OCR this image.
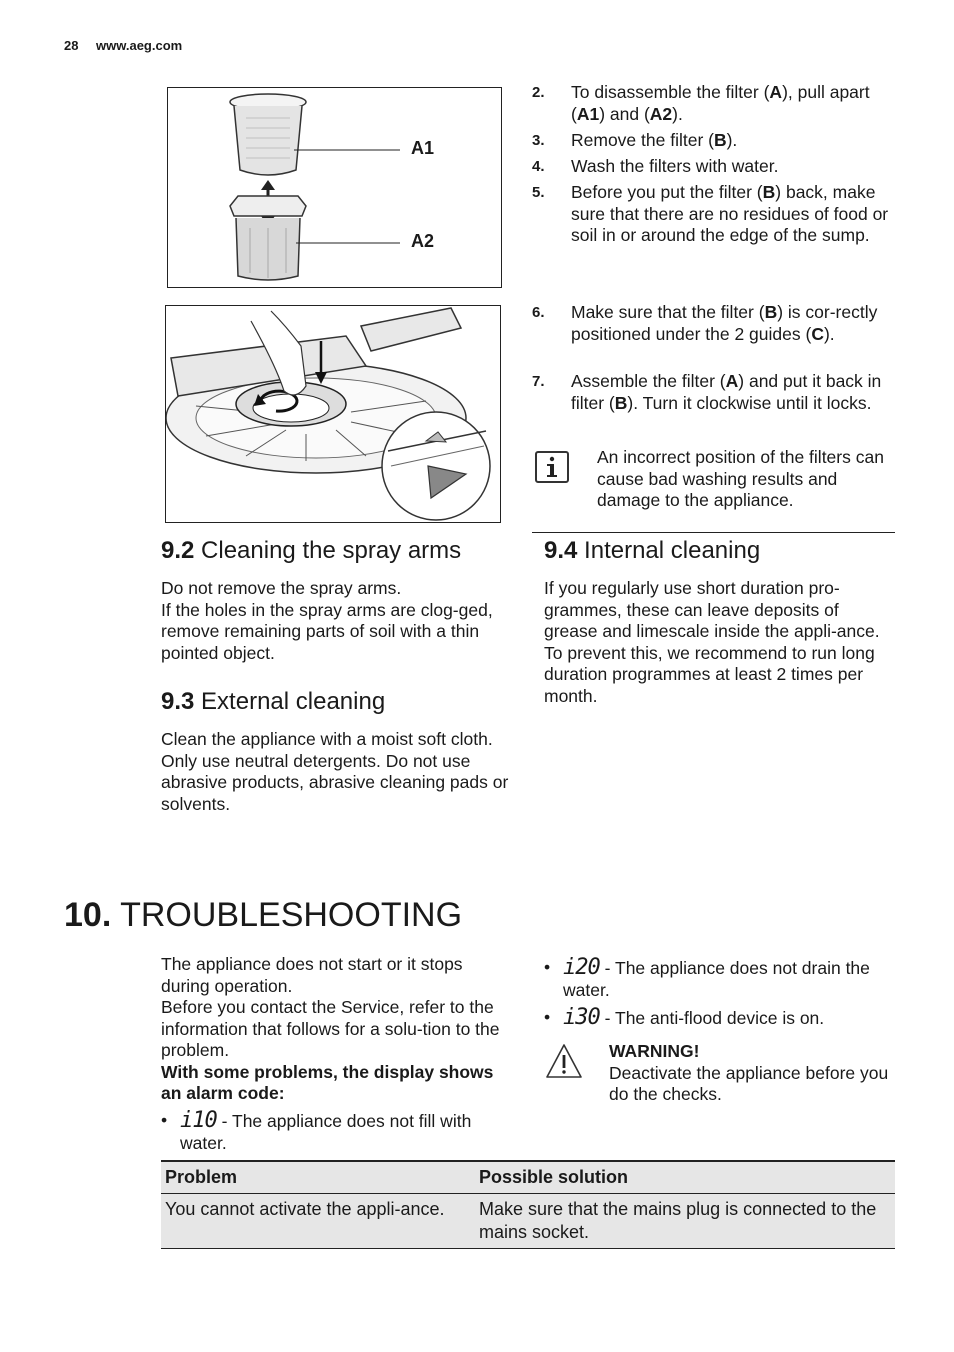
28 www.aeg.com
A1
A2
2. To disassemble the filter (A), pull apart (A1) and (A2).
3. Remove the filter (B).
4. Wash the filters with water.
5. Before you put the filter (B) back, make sure that there are no residues of food or soil in or around the edge of the sump.
6. Make sure that the filter (B) is cor-rectly positioned under the 2 guides (C).
7. Assemble the filter (A) and put it back in filter (B). Turn it clockwise until it locks.
An incorrect position of the filters can cause bad washing results and damage to the appliance.
9.2 Cleaning the spray arms
Do not remove the spray arms.
If the holes in the spray arms are clog-ged, remove remaining parts of soil with a thin pointed object.
9.3 External cleaning
Clean the appliance with a moist soft cloth.
Only use neutral detergents. Do not use abrasive products, abrasive cleaning pads or solvents.
9.4 Internal cleaning
If you regularly use short duration pro-grammes, these can leave deposits of grease and limescale inside the appli-ance.
To prevent this, we recommend to run long duration programmes at least 2 times per month.
10. TROUBLESHOOTING
The appliance does not start or it stops during operation.
Before you contact the Service, refer to the information that follows for a solu-tion to the problem.
With some problems, the display shows an alarm code:
• i10 - The appliance does not fill with water.
• i20 - The appliance does not drain the water.
• i30 - The anti-flood device is on.
WARNING!
Deactivate the appliance before you do the checks.
Problem	Possible solution
You cannot activate the appli-ance.	Make sure that the mains plug is connected to the mains socket.
